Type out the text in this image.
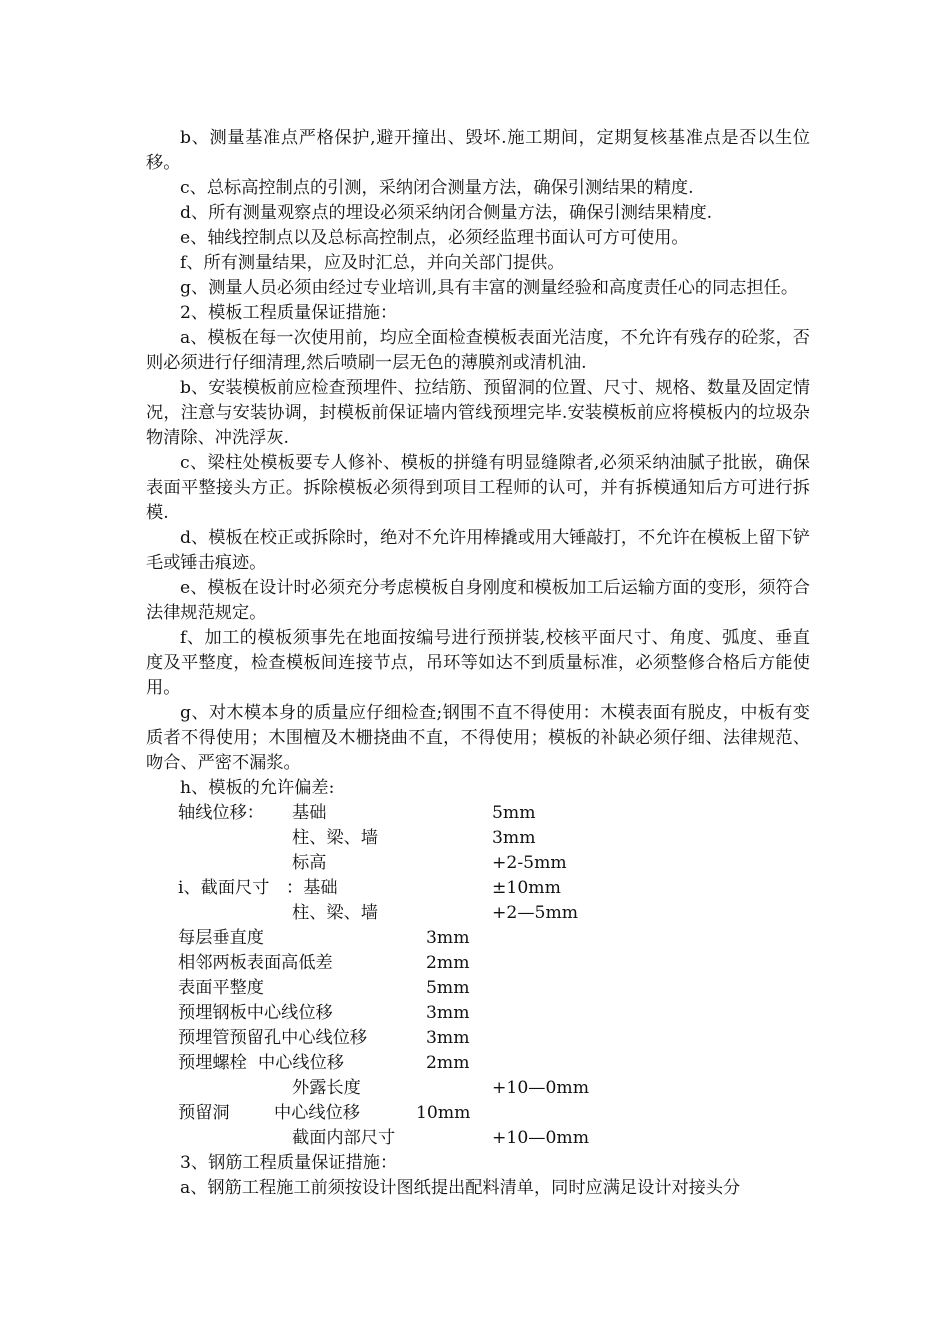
b、测量基准点严格保护,避开撞出、毁坏.施工期间，定期复核基准点是否以生位移。

c、总标高控制点的引测，采纳闭合测量方法，确保引测结果的精度.

d、所有测量观察点的埋设必须采纳闭合侧量方法，确保引测结果精度.

e、轴线控制点以及总标高控制点，必须经监理书面认可方可使用。

f、所有测量结果，应及时汇总，并向关部门提供。

g、测量人员必须由经过专业培训,具有丰富的测量经验和高度责任心的同志担任。

2、模板工程质量保证措施：

a、模板在每一次使用前，均应全面检查模板表面光洁度，不允许有残存的砼浆，否则必须进行仔细清理,然后喷刷一层无色的薄膜剂或清机油.

b、安装模板前应检查预埋件、拉结筋、预留洞的位置、尺寸、规格、数量及固定情况，注意与安装协调，封模板前保证墙内管线预埋完毕.安装模板前应将模板内的垃圾杂物清除、冲洗浮灰.

c、梁柱处模板要专人修补、模板的拼缝有明显缝隙者,必须采纳油腻子批嵌，确保表面平整接头方正。拆除模板必须得到项目工程师的认可，并有拆模通知后方可进行拆模.

d、模板在校正或拆除时，绝对不允许用棒撬或用大锤敲打，不允许在模板上留下铲毛或锤击痕迹。

e、模板在设计时必须充分考虑模板自身刚度和模板加工后运输方面的变形，须符合法律规范规定。

f、加工的模板须事先在地面按编号进行预拼装,校核平面尺寸、角度、弧度、垂直度及平整度，检查模板间连接节点，吊环等如达不到质量标准，必须整修合格后方能使用。

g、对木模本身的质量应仔细检查;钢围不直不得使用：木模表面有脱皮，中板有变质者不得使用；木围檀及木栅挠曲不直，不得使用；模板的补缺必须仔细、法律规范、吻合、严密不漏浆。

h、模板的允许偏差:

轴线位移： 基础	5mm
柱、梁、墙	3mm
标高	+2-5mm
i、截面尺寸 ：基础	±10mm
柱、梁、墙	+2—5mm
每层垂直度	3mm
相邻两板表面高低差	2mm
表面平整度	5mm
预埋钢板中心线位移	3mm
预埋管预留孔中心线位移	3mm
预埋螺栓 中心线位移	2mm
外露长度	+10—0mm
预留洞	中心线位移	10mm
截面内部尺寸	+10—0mm

3、钢筋工程质量保证措施：

a、钢筋工程施工前须按设计图纸提出配料清单，同时应满足设计对接头分
